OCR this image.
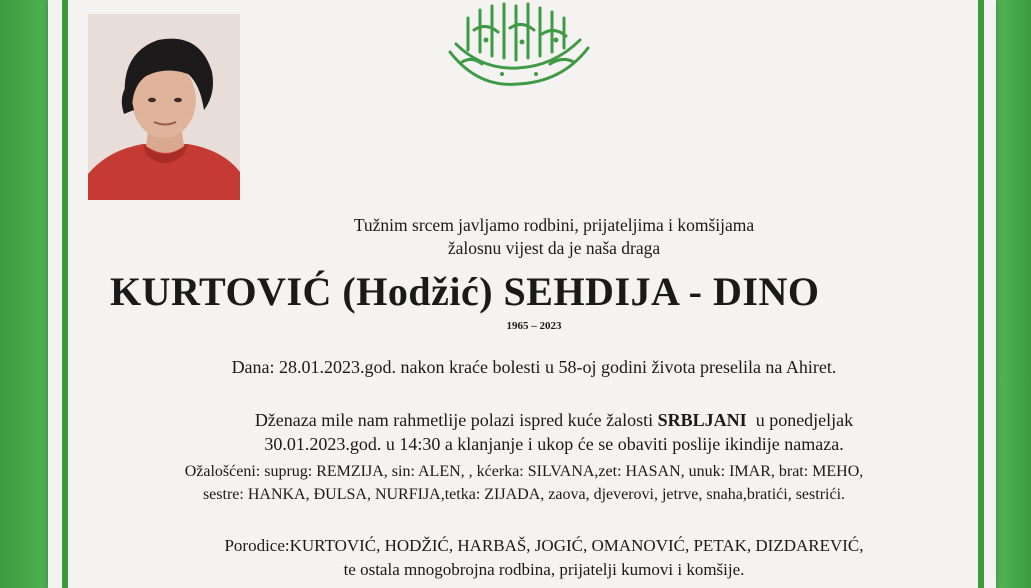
Tužnim srcem javljamo rodbini, prijateljima i komšijama
žalosnu vijest da je naša draga
KURTOVIĆ (Hodžić) SEHDIJA - DINO
1965 – 2023
Dana: 28.01.2023.god. nakon kraće bolesti u 58-oj godini života preselila na Ahiret.
Dženaza mile nam rahmetlije polazi ispred kuće žalosti SRBLJANI  u ponedjeljak
30.01.2023.god. u 14:30 a klanjanje i ukop će se obaviti poslije ikindije namaza.
Ožalošćeni: suprug: REMZIJA, sin: ALEN, , kćerka: SILVANA,zet: HASAN, unuk: IMAR, brat: MEHO,
sestre: HANKA, ĐULSA, NURFIJA,tetka: ZIJADA, zaova, djeverovi, jetrve, snaha,bratići, sestrići.
Porodice:KURTOVIĆ, HODŽIĆ, HARBAŠ, JOGIĆ, OMANOVIĆ, PETAK, DIZDAREVIĆ,
te ostala mnogobrojna rodbina, prijatelji kumovi i komšije.
